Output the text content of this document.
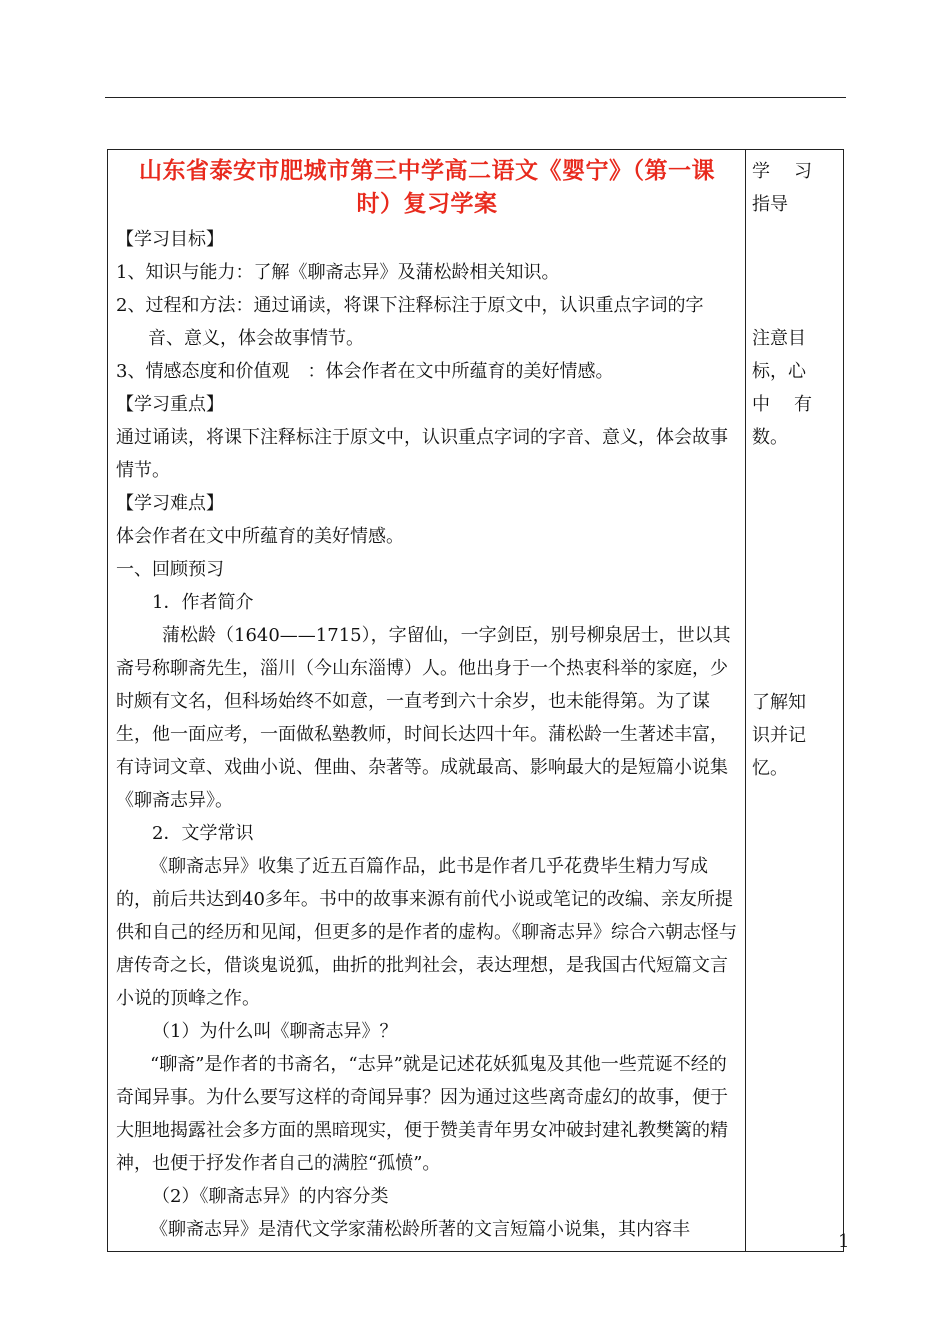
山东省泰安市肥城市第三中学高二语文《婴宁》（第一课
时）复习学案

【学习目标】

1、知识与能力：了解《聊斋志异》及蒲松龄相关知识。

2、过程和方法：通过诵读，将课下注释标注于原文中，认识重点字词的字音、意义，体会故事情节。

3、情感态度和价值观　：体会作者在文中所蕴育的美好情感。

【学习重点】

通过诵读，将课下注释标注于原文中，认识重点字词的字音、意义，体会故事情节。

【学习难点】

体会作者在文中所蕴育的美好情感。

一、回顾预习

1．作者简介

蒲松龄（1640——1715），字留仙，一字剑臣，别号柳泉居士，世以其斋号称聊斋先生，淄川（今山东淄博）人。他出身于一个热衷科举的家庭，少时颇有文名，但科场始终不如意，一直考到六十余岁，也未能得第。为了谋生，他一面应考，一面做私塾教师，时间长达四十年。蒲松龄一生著述丰富，有诗词文章、戏曲小说、俚曲、杂著等。成就最高、影响最大的是短篇小说集《聊斋志异》。

2．文学常识

《聊斋志异》收集了近五百篇作品，此书是作者几乎花费毕生精力写成的，前后共达到40多年。书中的故事来源有前代小说或笔记的改编、亲友所提供和自己的经历和见闻，但更多的是作者的虚构。《聊斋志异》综合六朝志怪与唐传奇之长，借谈鬼说狐，曲折的批判社会，表达理想，是我国古代短篇文言小说的顶峰之作。

（1）为什么叫《聊斋志异》？

“聊斋”是作者的书斋名，“志异”就是记述花妖狐鬼及其他一些荒诞不经的奇闻异事。为什么要写这样的奇闻异事？因为通过这些离奇虚幻的故事，便于大胆地揭露社会多方面的黑暗现实，便于赞美青年男女冲破封建礼教樊篱的精神，也便于抒发作者自己的满腔“孤愤”。

（2）《聊斋志异》的内容分类

《聊斋志异》是清代文学家蒲松龄所著的文言短篇小说集，其内容丰

学习

指导

注意目

标，心

中有

数。

了解知

识并记

忆。

1
